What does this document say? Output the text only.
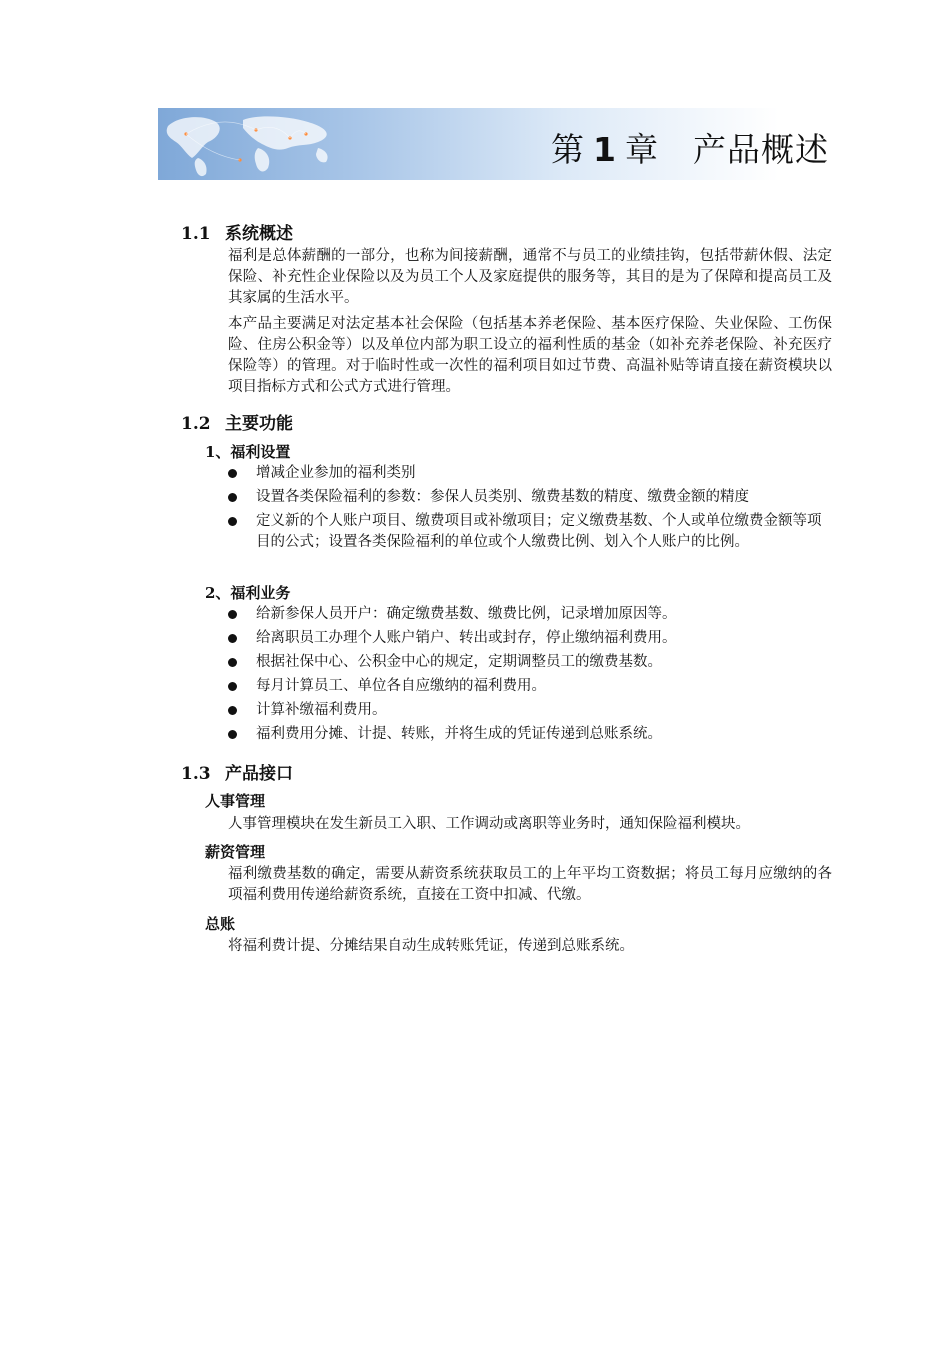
第 1 章 产品概述
1.1 系统概述
福利是总体薪酬的一部分，也称为间接薪酬，通常不与员工的业绩挂钩，包括带薪休假、法定保险、补充性企业保险以及为员工个人及家庭提供的服务等，其目的是为了保障和提高员工及其家属的生活水平。
本产品主要满足对法定基本社会保险（包括基本养老保险、基本医疗保险、失业保险、工伤保险、住房公积金等）以及单位内部为职工设立的福利性质的基金（如补充养老保险、补充医疗保险等）的管理。对于临时性或一次性的福利项目如过节费、高温补贴等请直接在薪资模块以项目指标方式和公式方式进行管理。
1.2 主要功能
1、福利设置
增减企业参加的福利类别
设置各类保险福利的参数：参保人员类别、缴费基数的精度、缴费金额的精度
定义新的个人账户项目、缴费项目或补缴项目；定义缴费基数、个人或单位缴费金额等项目的公式；设置各类保险福利的单位或个人缴费比例、划入个人账户的比例。
2、福利业务
给新参保人员开户：确定缴费基数、缴费比例，记录增加原因等。
给离职员工办理个人账户销户、转出或封存，停止缴纳福利费用。
根据社保中心、公积金中心的规定，定期调整员工的缴费基数。
每月计算员工、单位各自应缴纳的福利费用。
计算补缴福利费用。
福利费用分摊、计提、转账，并将生成的凭证传递到总账系统。
1.3 产品接口
人事管理
人事管理模块在发生新员工入职、工作调动或离职等业务时，通知保险福利模块。
薪资管理
福利缴费基数的确定，需要从薪资系统获取员工的上年平均工资数据；将员工每月应缴纳的各项福利费用传递给薪资系统，直接在工资中扣减、代缴。
总账
将福利费计提、分摊结果自动生成转账凭证，传递到总账系统。
